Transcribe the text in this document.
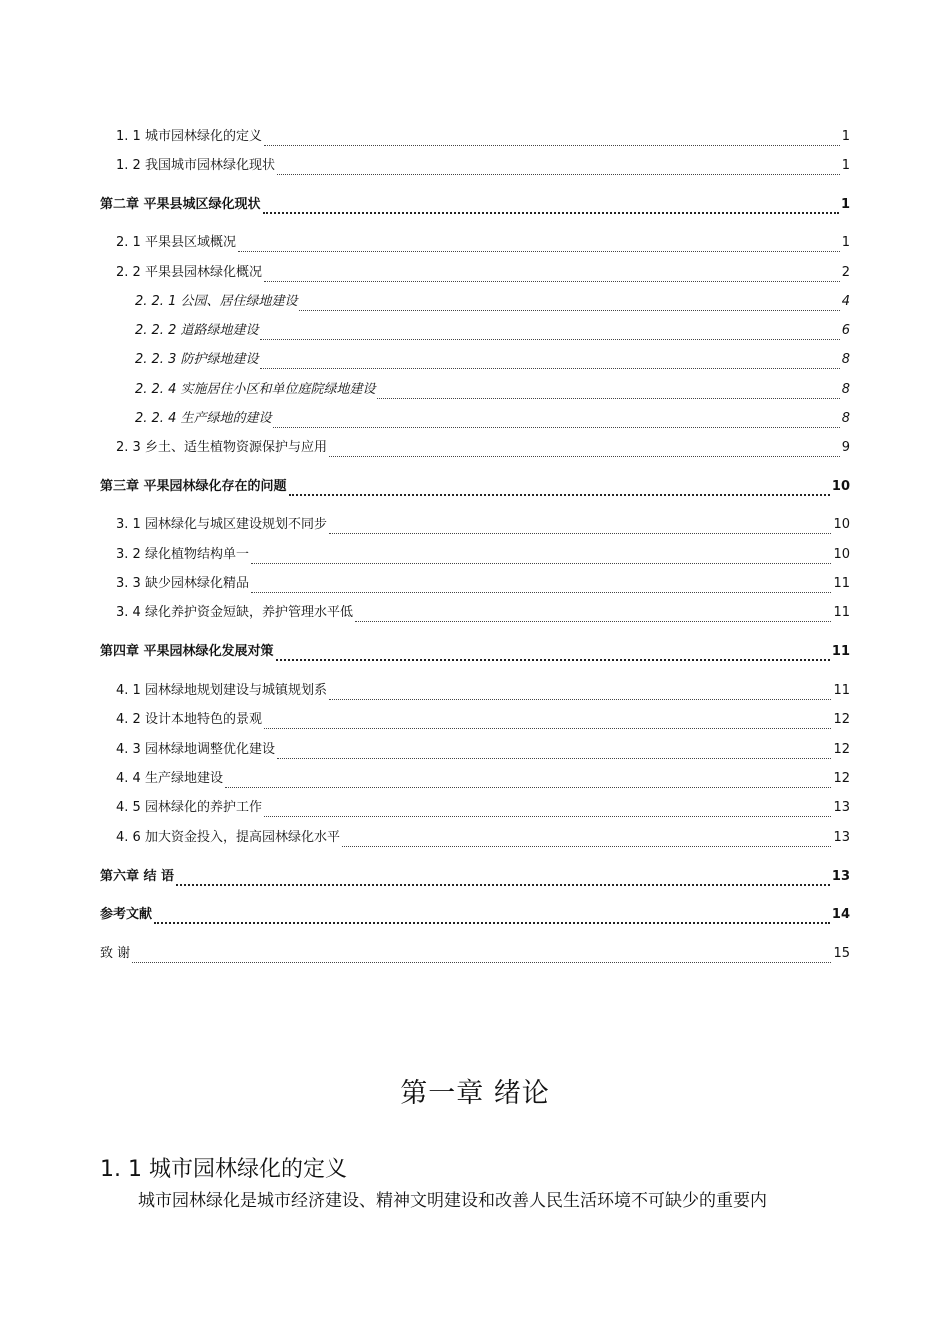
1. 1 城市园林绿化的定义	1
1. 2 我国城市园林绿化现状	1
第二章 平果县城区绿化现状	1
2. 1 平果县区域概况	1
2. 2 平果县园林绿化概况	2
2. 2. 1 公园、居住绿地建设	4
2. 2. 2 道路绿地建设	6
2. 2. 3 防护绿地建设	8
2. 2. 4 实施居住小区和单位庭院绿地建设	8
2. 2. 4 生产绿地的建设	8
2. 3 乡土、适生植物资源保护与应用	9
第三章 平果园林绿化存在的问题	10
3. 1 园林绿化与城区建设规划不同步	10
3. 2 绿化植物结构单一	10
3. 3 缺少园林绿化精品	11
3. 4 绿化养护资金短缺，养护管理水平低	11
第四章 平果园林绿化发展对策	11
4. 1 园林绿地规划建设与城镇规划系	11
4. 2 设计本地特色的景观	12
4. 3 园林绿地调整优化建设	12
4. 4 生产绿地建设	12
4. 5 园林绿化的养护工作	13
4. 6 加大资金投入，提高园林绿化水平	13
第六章 结 语	13
参考文献	14
致 谢	15
第一章 绪论
1. 1 城市园林绿化的定义
城市园林绿化是城市经济建设、精神文明建设和改善人民生活环境不可缺少的重要内
